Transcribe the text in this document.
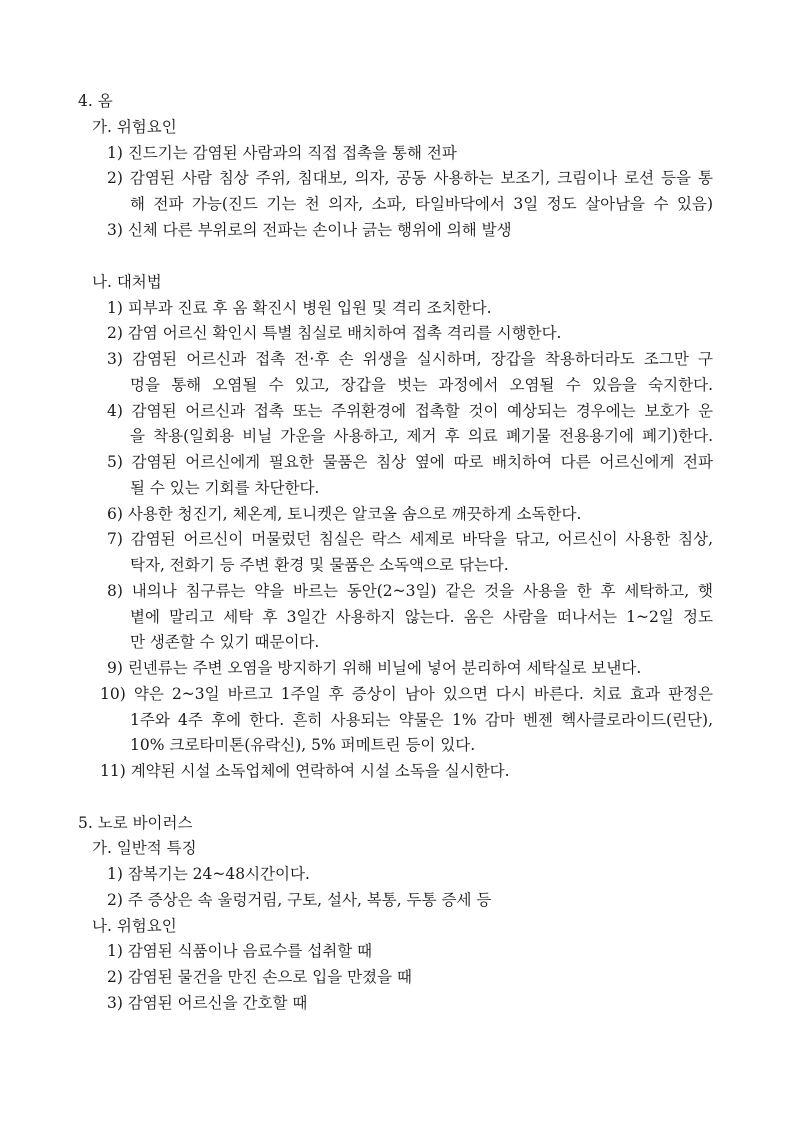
4. 옴
가. 위험요인
1) 진드기는 감염된 사람과의 직접 접촉을 통해 전파
2) 감염된 사람 침상 주위, 침대보, 의자, 공동 사용하는 보조기, 크림이나 로션 등을 통
해 전파 가능(진드 기는 천 의자, 소파, 타일바닥에서 3일 정도 살아남을 수 있음)
3) 신체 다른 부위로의 전파는 손이나 긁는 행위에 의해 발생
나. 대처법
1) 피부과 진료 후 옴 확진시 병원 입원 및 격리 조치한다.
2) 감염 어르신 확인시 특별 침실로 배치하여 접촉 격리를 시행한다.
3) 감염된 어르신과 접촉 전·후 손 위생을 실시하며, 장갑을 착용하더라도 조그만 구
멍을 통해 오염될 수 있고, 장갑을 벗는 과정에서 오염될 수 있음을 숙지한다.
4) 감염된 어르신과 접촉 또는 주위환경에 접촉할 것이 예상되는 경우에는 보호가 운
을 착용(일회용 비닐 가운을 사용하고, 제거 후 의료 폐기물 전용용기에 폐기)한다.
5) 감염된 어르신에게 필요한 물품은 침상 옆에 따로 배치하여 다른 어르신에게 전파
될 수 있는 기회를 차단한다.
6) 사용한 청진기, 체온계, 토니켓은 알코올 솜으로 깨끗하게 소독한다.
7) 감염된 어르신이 머물렀던 침실은 락스 세제로 바닥을 닦고, 어르신이 사용한 침상,
탁자, 전화기 등 주변 환경 및 물품은 소독액으로 닦는다.
8) 내의나 침구류는 약을 바르는 동안(2~3일) 같은 것을 사용을 한 후 세탁하고, 햇
볕에 말리고 세탁 후 3일간 사용하지 않는다. 옴은 사람을 떠나서는 1~2일 정도
만 생존할 수 있기 때문이다.
9) 린넨류는 주변 오염을 방지하기 위해 비닐에 넣어 분리하여 세탁실로 보낸다.
10) 약은 2~3일 바르고 1주일 후 증상이 남아 있으면 다시 바른다. 치료 효과 판정은
1주와 4주 후에 한다. 흔히 사용되는 약물은 1% 감마 벤젠 헥사클로라이드(린단),
10% 크로타미톤(유락신), 5% 퍼메트린 등이 있다.
11) 계약된 시설 소독업체에 연락하여 시설 소독을 실시한다.
5. 노로 바이러스
가. 일반적 특징
1) 잠복기는 24~48시간이다.
2) 주 증상은 속 울렁거림, 구토, 설사, 복통, 두통 증세 등
나. 위험요인
1) 감염된 식품이나 음료수를 섭취할 때
2) 감염된 물건을 만진 손으로 입을 만졌을 때
3) 감염된 어르신을 간호할 때
